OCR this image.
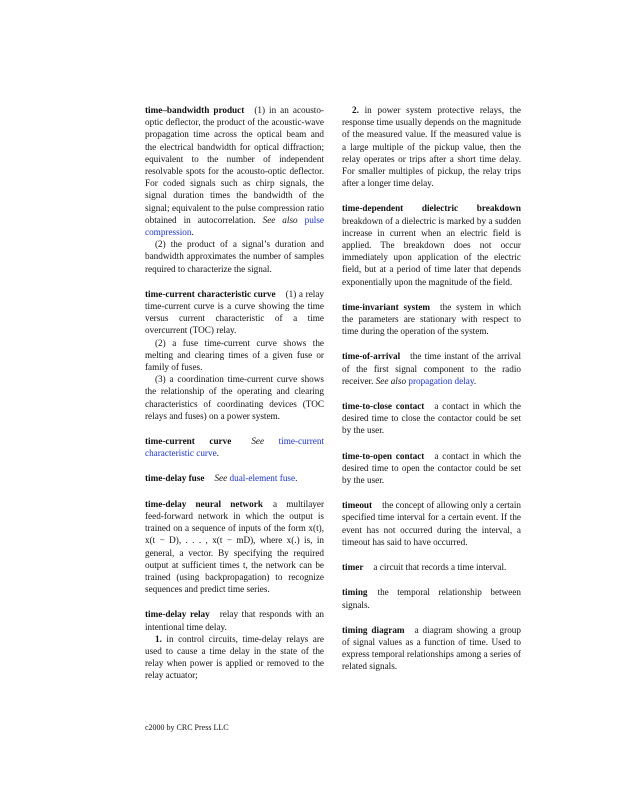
time–bandwidth product (1) in an acousto-optic deflector, the product of the acoustic-wave propagation time across the optical beam and the electrical bandwidth for optical diffraction; equivalent to the number of independent resolvable spots for the acousto-optic deflector. For coded signals such as chirp signals, the signal duration times the bandwidth of the signal; equivalent to the pulse compression ratio obtained in autocorrelation. See also pulse compression.

(2) the product of a signal’s duration and bandwidth approximates the number of samples required to characterize the signal.

time-current characteristic curve (1) a relay time-current curve is a curve showing the time versus current characteristic of a time overcurrent (TOC) relay.

(2) a fuse time-current curve shows the melting and clearing times of a given fuse or family of fuses.

(3) a coordination time-current curve shows the relationship of the operating and clearing characteristics of coordinating devices (TOC relays and fuses) on a power system.

time-current curve See time-current characteristic curve.

time-delay fuse See dual-element fuse.

time-delay neural network a multilayer feed-forward network in which the output is trained on a sequence of inputs of the form x(t), x(t − D), . . . , x(t − mD), where x(.) is, in general, a vector. By specifying the required output at sufficient times t, the network can be trained (using backpropagation) to recognize sequences and predict time series.

time-delay relay relay that responds with an intentional time delay.

1. in control circuits, time-delay relays are used to cause a time delay in the state of the relay when power is applied or removed to the relay actuator;

2. in power system protective relays, the response time usually depends on the magnitude of the measured value. If the measured value is a large multiple of the pickup value, then the relay operates or trips after a short time delay. For smaller multiples of pickup, the relay trips after a longer time delay.

time-dependent dielectric breakdown breakdown of a dielectric is marked by a sudden increase in current when an electric field is applied. The breakdown does not occur immediately upon application of the electric field, but at a period of time later that depends exponentially upon the magnitude of the field.

time-invariant system the system in which the parameters are stationary with respect to time during the operation of the system.

time-of-arrival the time instant of the arrival of the first signal component to the radio receiver. See also propagation delay.

time-to-close contact a contact in which the desired time to close the contactor could be set by the user.

time-to-open contact a contact in which the desired time to open the contactor could be set by the user.

timeout the concept of allowing only a certain specified time interval for a certain event. If the event has not occurred during the interval, a timeout has said to have occurred.

timer a circuit that records a time interval.

timing the temporal relationship between signals.

timing diagram a diagram showing a group of signal values as a function of time. Used to express temporal relationships among a series of related signals.

c2000 by CRC Press LLC
